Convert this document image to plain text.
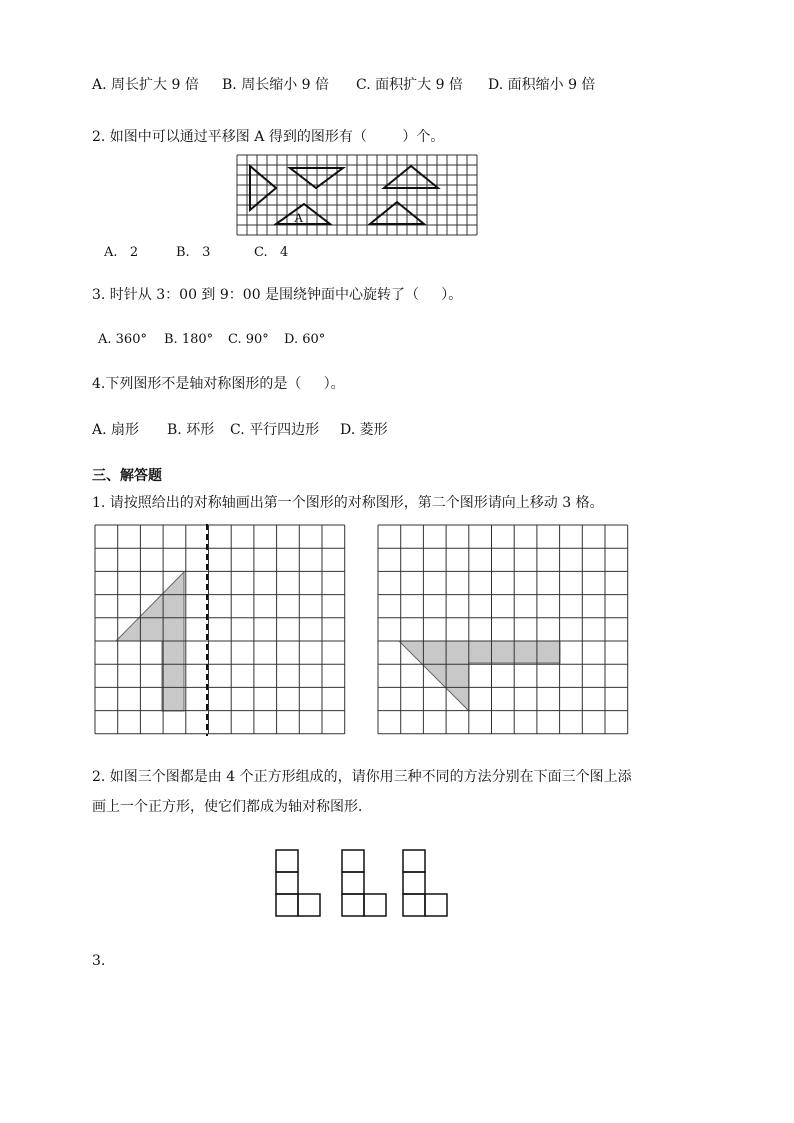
A. 周长扩大 9 倍 B. 周长缩小 9 倍 C. 面积扩大 9 倍 D. 面积缩小 9 倍
2. 如图中可以通过平移图 A 得到的图形有（        ）个。
A
A.   2	B.   3	C.   4
3. 时针从 3：00 到 9：00 是围绕钟面中心旋转了（     ）。
A. 360° B. 180° C. 90° D. 60°
4.下列图形不是轴对称图形的是（     ）。
A. 扇形 B. 环形 C. 平行四边形 D. 菱形
三、解答题
1. 请按照给出的对称轴画出第一个图形的对称图形，第二个图形请向上移动 3 格。
2. 如图三个图都是由 4 个正方形组成的，请你用三种不同的方法分别在下面三个图上添
画上一个正方形，使它们都成为轴对称图形．
3.
